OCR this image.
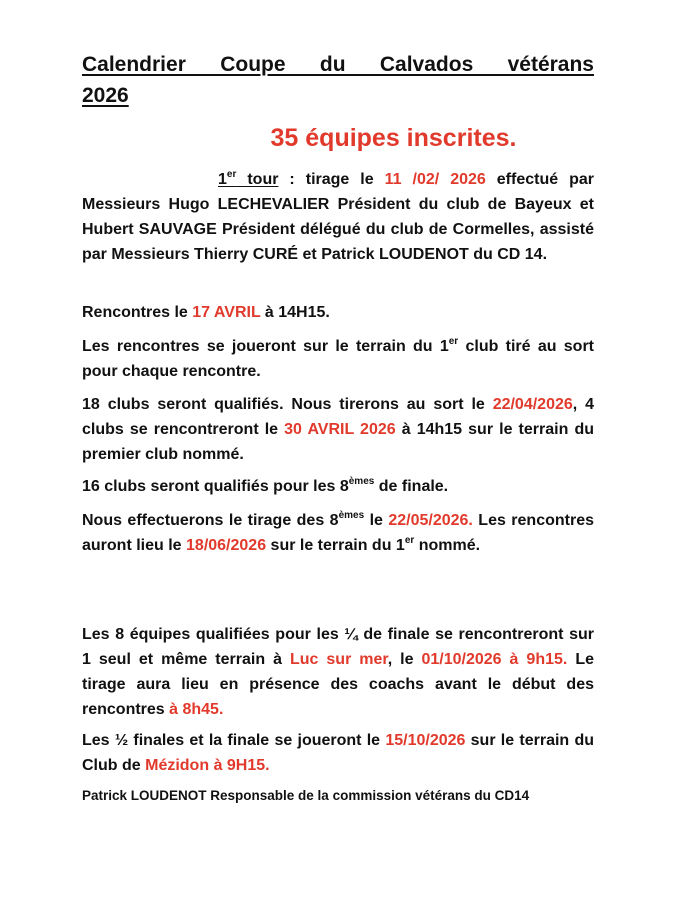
Calendrier Coupe du Calvados vétérans
2026
35 équipes inscrites.
1er tour : tirage le 11 /02/ 2026 effectué par Messieurs Hugo LECHEVALIER Président du club de Bayeux et Hubert SAUVAGE Président délégué du club de Cormelles, assisté par Messieurs Thierry CURÉ et Patrick LOUDENOT du CD 14.
Rencontres le 17 AVRIL à 14H15.
Les rencontres se joueront sur le terrain du 1er club tiré au sort pour chaque rencontre.
18 clubs seront qualifiés. Nous tirerons au sort le 22/04/2026, 4 clubs se rencontreront le 30 AVRIL 2026 à 14h15 sur le terrain du premier club nommé.
16 clubs seront qualifiés pour les 8èmes de finale.
Nous effectuerons le tirage des 8èmes le 22/05/2026. Les rencontres auront lieu le 18/06/2026 sur le terrain du 1er nommé.
Les 8 équipes qualifiées pour les ¼ de finale se rencontreront sur 1 seul et même terrain à Luc sur mer, le 01/10/2026 à 9h15. Le tirage aura lieu en présence des coachs avant le début des rencontres à 8h45.
Les ½ finales et la finale se joueront le 15/10/2026 sur le terrain du Club de Mézidon à 9H15.
Patrick LOUDENOT Responsable de la commission vétérans du CD14
